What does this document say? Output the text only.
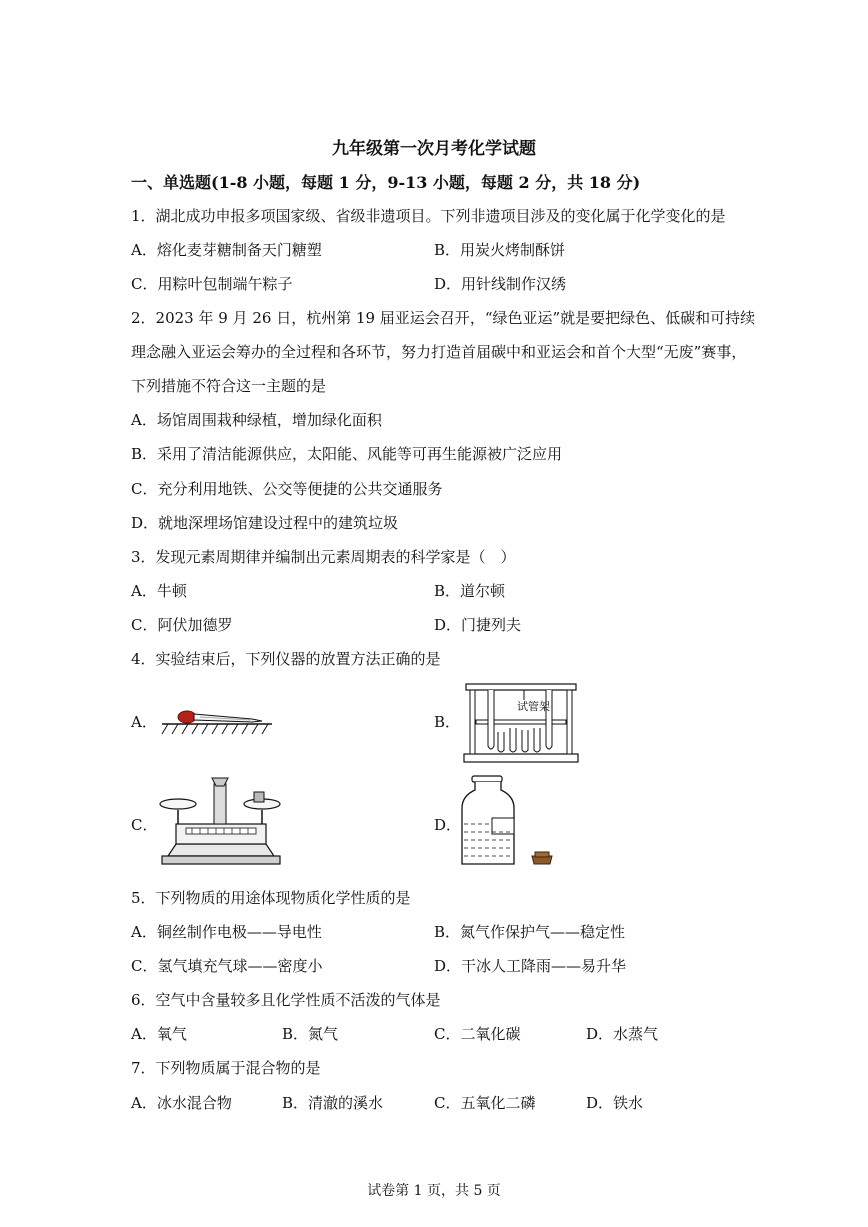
九年级第一次月考化学试题
一、单选题(1-8 小题，每题 1 分，9-13 小题，每题 2 分，共 18 分)
1．湖北成功申报多项国家级、省级非遗项目。下列非遗项目涉及的变化属于化学变化的是
A．熔化麦芽糖制备天门糖塑	B．用炭火烤制酥饼
C．用粽叶包制端午粽子	D．用针线制作汉绣
2．2023 年 9 月 26 日，杭州第 19 届亚运会召开，“绿色亚运”就是要把绿色、低碳和可持续
理念融入亚运会筹办的全过程和各环节，努力打造首届碳中和亚运会和首个大型“无废”赛事，
下列措施不符合这一主题的是
A．场馆周围栽种绿植，增加绿化面积
B．采用了清洁能源供应，太阳能、风能等可再生能源被广泛应用
C．充分利用地铁、公交等便捷的公共交通服务
D．就地深埋场馆建设过程中的建筑垃圾
3．发现元素周期律并编制出元素周期表的科学家是（　）
A．牛顿	B．道尔顿
C．阿伏加德罗	D．门捷列夫
4．实验结束后，下列仪器的放置方法正确的是
A．	B．
C．	D．
试管架
5．下列物质的用途体现物质化学性质的是
A．铜丝制作电极——导电性	B．氮气作保护气——稳定性
C．氢气填充气球——密度小	D．干冰人工降雨——易升华
6．空气中含量较多且化学性质不活泼的气体是
A．氧气	B．氮气	C．二氧化碳	D．水蒸气
7．下列物质属于混合物的是
A．冰水混合物	B．清澈的溪水	C．五氧化二磷	D．铁水
试卷第 1 页，共 5 页
